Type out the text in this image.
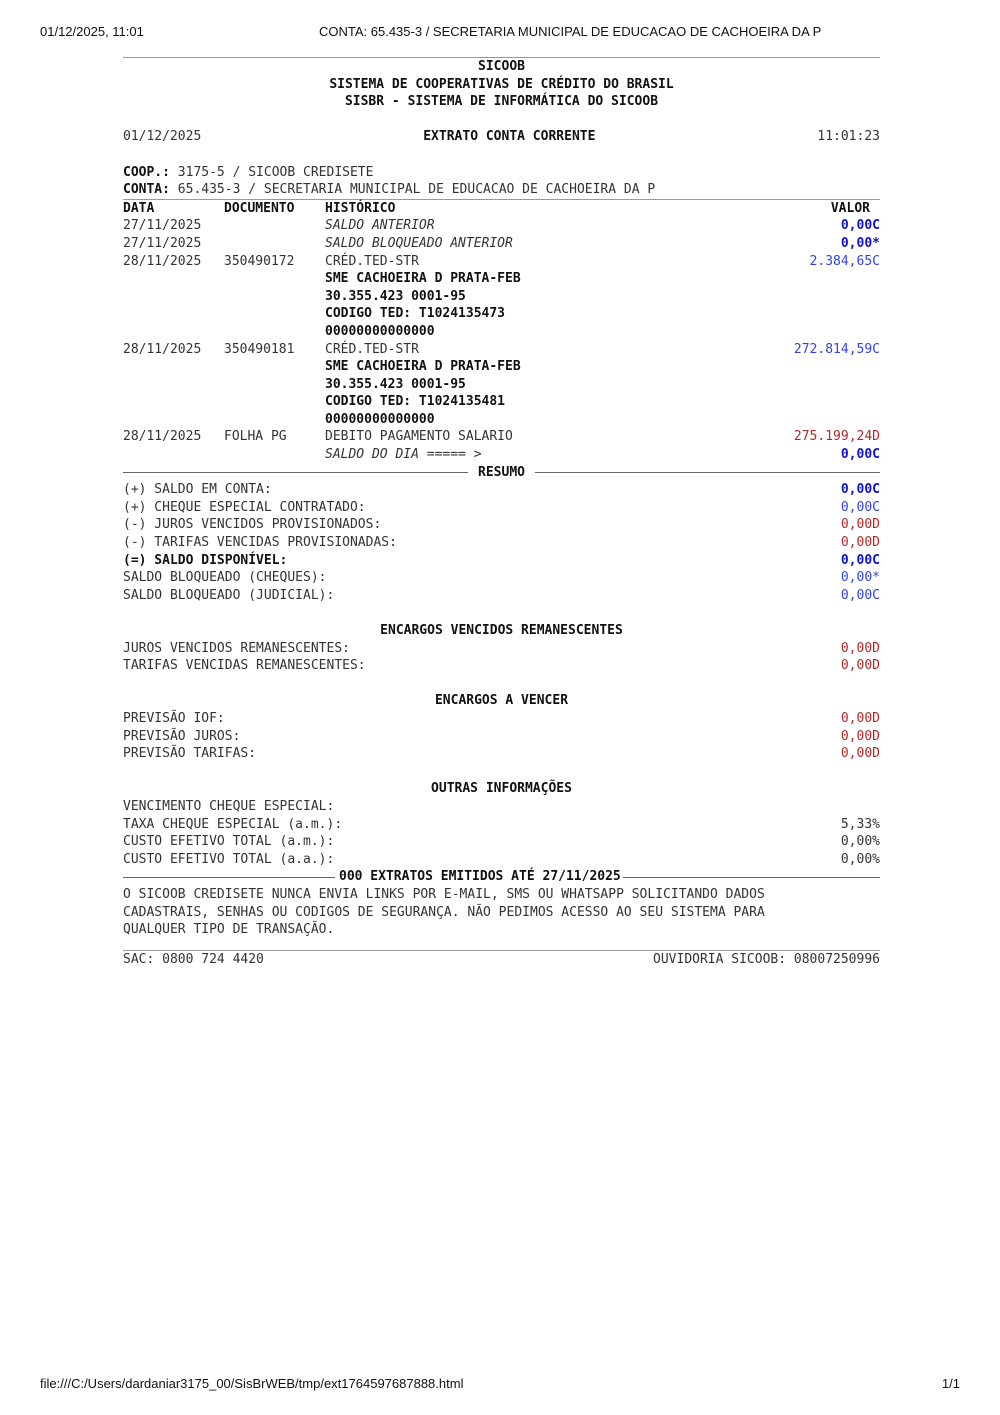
01/12/2025, 11:01	CONTA: 65.435-3 / SECRETARIA MUNICIPAL DE EDUCACAO DE CACHOEIRA DA P
SICOOB
SISTEMA DE COOPERATIVAS DE CRÉDITO DO BRASIL
SISBR - SISTEMA DE INFORMÁTICA DO SICOOB
01/12/2025	EXTRATO CONTA CORRENTE	11:01:23
COOP.: 3175-5 / SICOOB CREDISETE
CONTA: 65.435-3 / SECRETARIA MUNICIPAL DE EDUCACAO DE CACHOEIRA DA P
DATA	DOCUMENTO	HISTÓRICO	VALOR
27/11/2025	SALDO ANTERIOR	0,00C
27/11/2025	SALDO BLOQUEADO ANTERIOR	0,00*
28/11/2025	350490172	CRÉD.TED-STR	2.384,65C
SME CACHOEIRA D PRATA-FEB
30.355.423 0001-95
CODIGO TED: T1024135473
00000000000000
28/11/2025	350490181	CRÉD.TED-STR	272.814,59C
SME CACHOEIRA D PRATA-FEB
30.355.423 0001-95
CODIGO TED: T1024135481
00000000000000
28/11/2025	FOLHA PG	DEBITO PAGAMENTO SALARIO	275.199,24D
SALDO DO DIA ===== >	0,00C
RESUMO
(+) SALDO EM CONTA:	0,00C
(+) CHEQUE ESPECIAL CONTRATADO:	0,00C
(-) JUROS VENCIDOS PROVISIONADOS:	0,00D
(-) TARIFAS VENCIDAS PROVISIONADAS:	0,00D
(=) SALDO DISPONÍVEL:	0,00C
SALDO BLOQUEADO (CHEQUES):	0,00*
SALDO BLOQUEADO (JUDICIAL):	0,00C
ENCARGOS VENCIDOS REMANESCENTES
JUROS VENCIDOS REMANESCENTES:	0,00D
TARIFAS VENCIDAS REMANESCENTES:	0,00D
ENCARGOS A VENCER
PREVISÃO IOF:	0,00D
PREVISÃO JUROS:	0,00D
PREVISÃO TARIFAS:	0,00D
OUTRAS INFORMAÇÕES
VENCIMENTO CHEQUE ESPECIAL:
TAXA CHEQUE ESPECIAL (a.m.):	5,33%
CUSTO EFETIVO TOTAL (a.m.):	0,00%
CUSTO EFETIVO TOTAL (a.a.):	0,00%
000 EXTRATOS EMITIDOS ATÉ 27/11/2025
O SICOOB CREDISETE NUNCA ENVIA LINKS POR E-MAIL, SMS OU WHATSAPP SOLICITANDO DADOS
CADASTRAIS, SENHAS OU CODIGOS DE SEGURANÇA. NÃO PEDIMOS ACESSO AO SEU SISTEMA PARA
QUALQUER TIPO DE TRANSAÇÃO.
SAC: 0800 724 4420	OUVIDORIA SICOOB: 08007250996
file:///C:/Users/dardaniar3175_00/SisBrWEB/tmp/ext1764597687888.html	1/1
